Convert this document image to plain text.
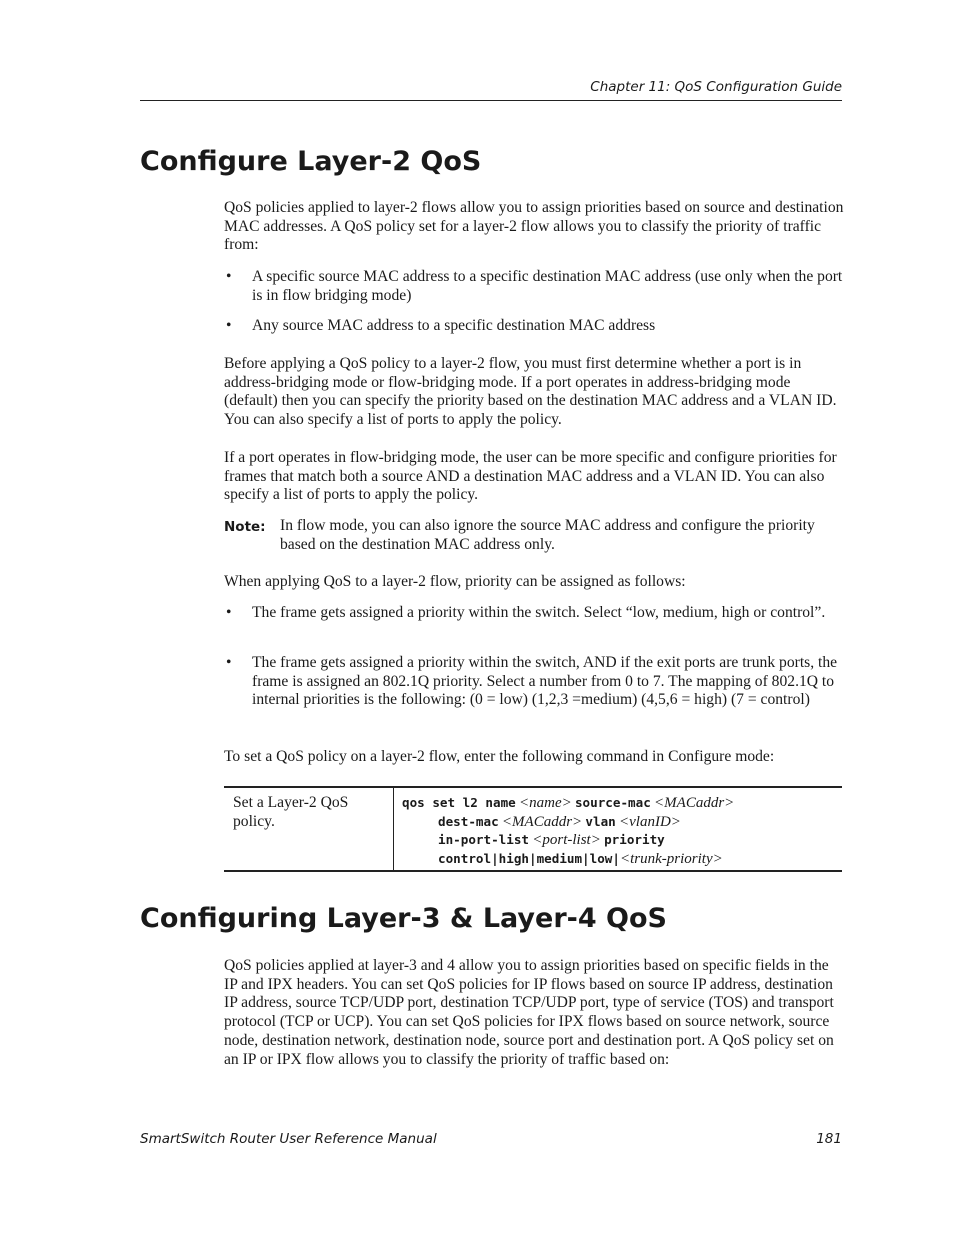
Chapter 11: QoS Configuration Guide
Configure Layer-2 QoS

QoS policies applied to layer-2 flows allow you to assign priorities based on source and destination MAC addresses. A QoS policy set for a layer-2 flow allows you to classify the priority of traffic from:

• A specific source MAC address to a specific destination MAC address (use only when the port is in flow bridging mode)
• Any source MAC address to a specific destination MAC address

Before applying a QoS policy to a layer-2 flow, you must first determine whether a port is in address-bridging mode or flow-bridging mode. If a port operates in address-bridging mode (default) then you can specify the priority based on the destination MAC address and a VLAN ID. You can also specify a list of ports to apply the policy.

If a port operates in flow-bridging mode, the user can be more specific and configure priorities for frames that match both a source AND a destination MAC address and a VLAN ID. You can also specify a list of ports to apply the policy.

Note: In flow mode, you can also ignore the source MAC address and configure the priority based on the destination MAC address only.

When applying QoS to a layer-2 flow, priority can be assigned as follows:

• The frame gets assigned a priority within the switch. Select “low, medium, high or control”.
• The frame gets assigned a priority within the switch, AND if the exit ports are trunk ports, the frame is assigned an 802.1Q priority. Select a number from 0 to 7. The mapping of 802.1Q to internal priorities is the following: (0 = low) (1,2,3 =medium) (4,5,6 = high) (7 = control)

To set a QoS policy on a layer-2 flow, enter the following command in Configure mode:

Set a Layer-2 QoS policy.
qos set l2 name <name> source-mac <MACaddr>
dest-mac <MACaddr> vlan <vlanID>
in-port-list <port-list> priority
control|high|medium|low|<trunk-priority>
Configuring Layer-3 & Layer-4 QoS

QoS policies applied at layer-3 and 4 allow you to assign priorities based on specific fields in the IP and IPX headers. You can set QoS policies for IP flows based on source IP address, destination IP address, source TCP/UDP port, destination TCP/UDP port, type of service (TOS) and transport protocol (TCP or UCP). You can set QoS policies for IPX flows based on source network, source node, destination network, destination node, source port and destination port. A QoS policy set on an IP or IPX flow allows you to classify the priority of traffic based on:

SmartSwitch Router User Reference Manual	181
